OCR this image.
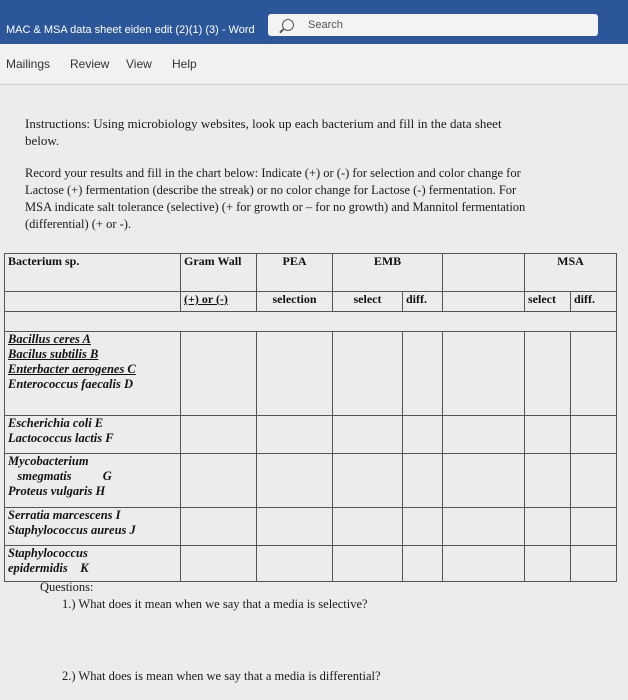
MAC & MSA data sheet eiden edit (2)(1) (3) - Word	Search
Mailings Review View Help
Instructions: Using microbiology websites, look up each bacterium and fill in the data sheet below.
Record your results and fill in the chart below: Indicate (+) or (-) for selection and color change for Lactose (+) fermentation (describe the streak) or no color change for Lactose (-) fermentation. For MSA indicate salt tolerance (selective) (+ for growth or – for no growth) and Mannitol fermentation (differential) (+ or -).
Bacterium sp.	Gram Wall	PEA	EMB			MSA	
	(+) or (-)	selection	select	diff.		select	diff.

Bacillus ceres A
Bacilus subtilis B
Enterbacter aerogenes C
Enterococcus faecalis D							

Escherichia coli E
Lactococcus lactis F							

Mycobacterium
smegmatis          G
Proteus vulgaris H							

Serratia marcescens I
Staphylococcus aureus J							

Staphylococcus
epidermidis    K							

Questions:
1.) What does it mean when we say that a media is selective?
2.) What does is mean when we say that a media is differential?
